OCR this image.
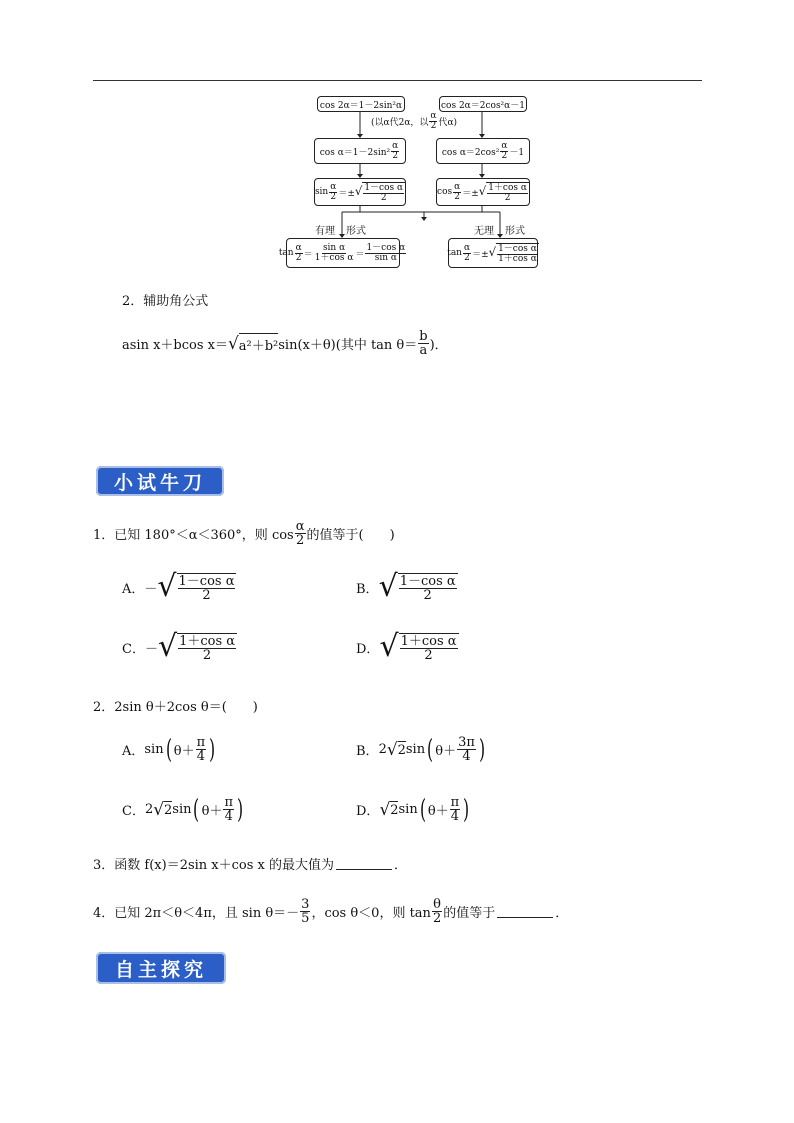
cos 2α＝1－2sin²α	cos 2α＝2cos²α－1
(以α代2α，以 $\frac{\alpha}{2}$ 代α)
$\cos \alpha=1-2\sin^2 \frac{\alpha}{2}$	$\cos \alpha=2\cos^2 \frac{\alpha}{2} -1$
$\sin \frac{\alpha}{2}$ ＝± √ $\frac{\text{1－cos α}}{2}$	$\cos \frac{\alpha}{2}$ ＝± √ $\frac{\text{1＋cos α}}{2}$
有理 形式	无理 形式
$\tan \frac{\alpha}{2} = \frac{\text{sin α}}{\text{1＋cos α}} = \frac{\text{1－cos α}}{\text{sin α}}$	$\tan \frac{\alpha}{2}$ ＝± √ $\frac{\text{1－cos α}}{\text{1＋cos α}}$
2．辅助角公式
asin x＋bcos x＝ √ a²＋b² sin(x＋θ)(其中 $\tan \theta= \frac{b}{a}$ )．
小试牛刀
1．已知 180°＜α＜360°，则 $\cos \frac{\alpha}{2}$ 的值等于(　　)
A．－ √ $\frac{\text{1－cos α}}{2}$	B． √ $\frac{\text{1－cos α}}{2}$
C．－ √ $\frac{\text{1＋cos α}}{2}$	D． √ $\frac{\text{1＋cos α}}{2}$
2．2sin θ＋2cos θ＝(　　)
A． sin ( $\theta+ \frac{\pi}{4}$ )	B． 2 √ 2 sin ( $\theta+ \frac{3\pi}{4}$ )
C． 2 √ 2 sin ( $\theta+ \frac{\pi}{4}$ )	D． √ 2 sin ( $\theta+ \frac{\pi}{4}$ )
3．函数 f(x)＝2sin x＋cos x 的最大值为	．
4．已知 2π＜θ＜4π，且 $\sin \theta=- \frac{3}{5}$ ，cos θ＜0，则 $\tan \frac{\theta}{2}$ 的值等于	．
自主探究
